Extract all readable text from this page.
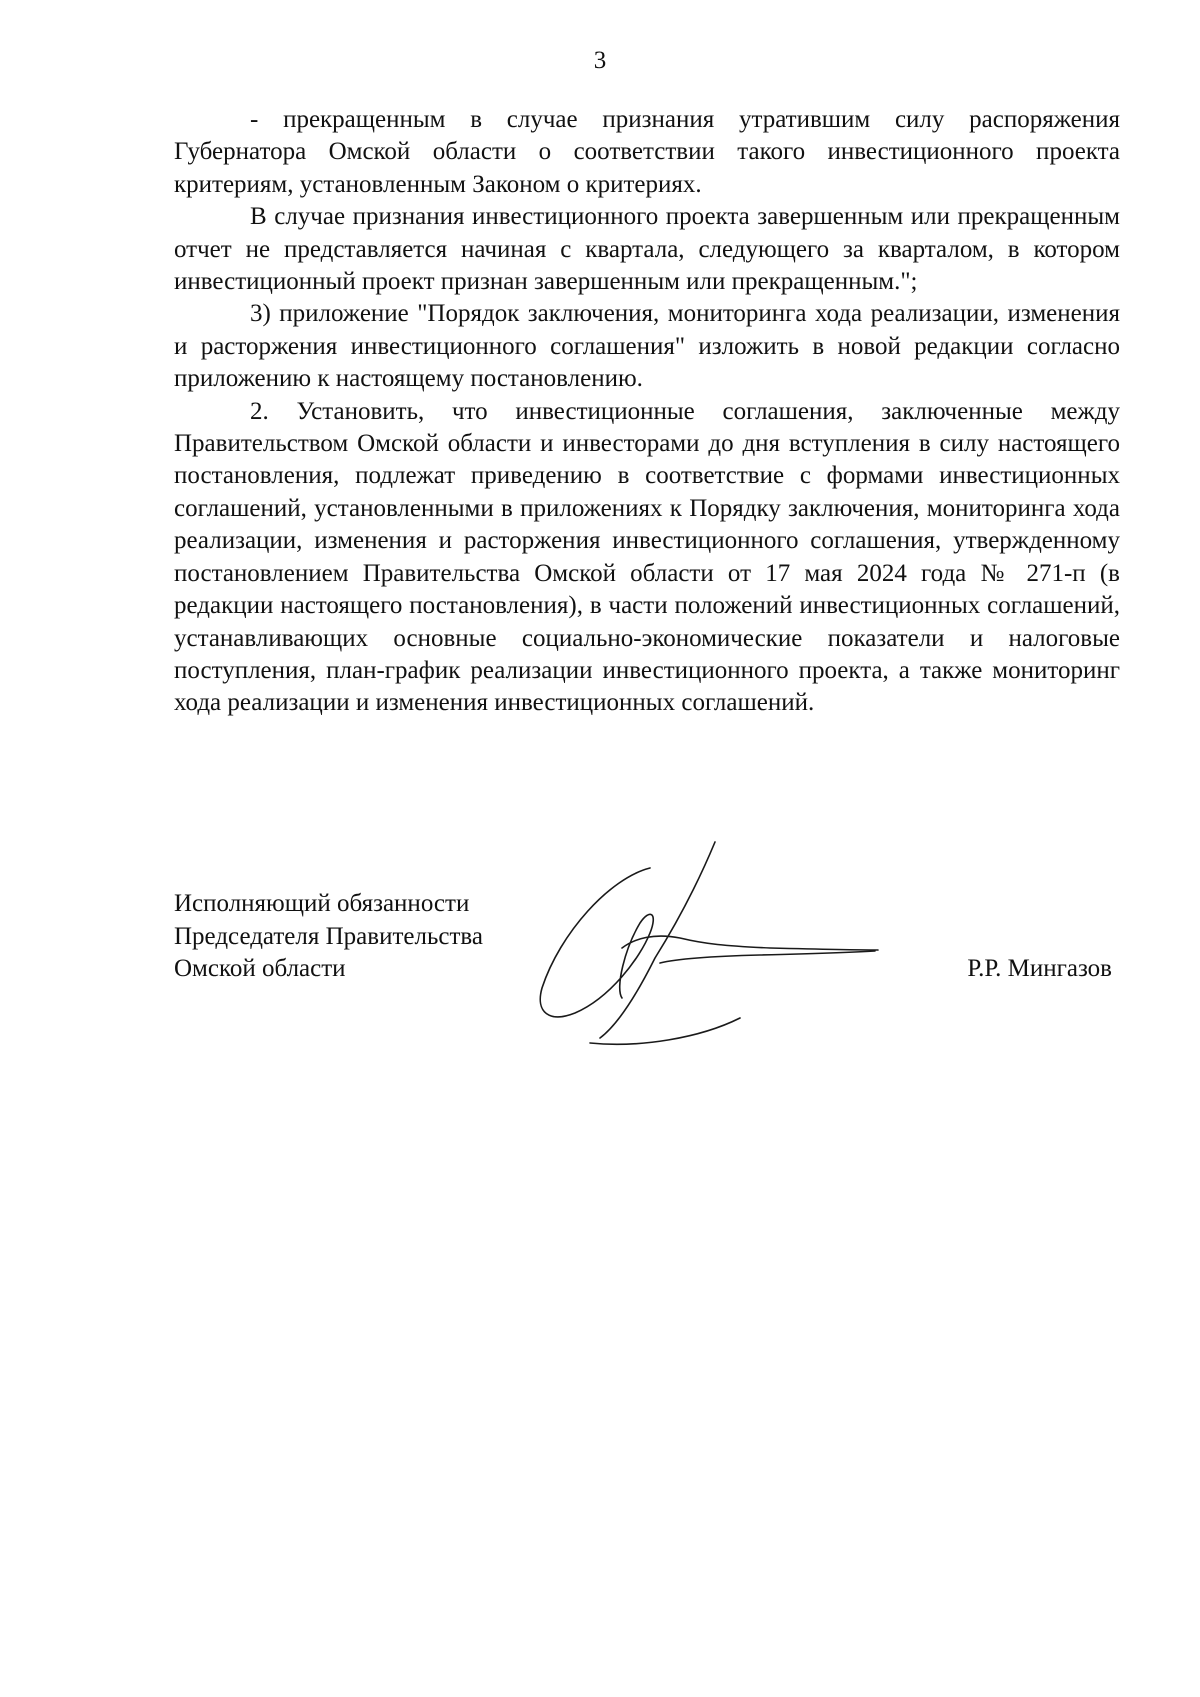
3

- прекращенным в случае признания утратившим силу распоряжения Губернатора Омской области о соответствии такого инвестиционного проекта критериям, установленным Законом о критериях.

В случае признания инвестиционного проекта завершенным или прекращенным отчет не представляется начиная с квартала, следующего за кварталом, в котором инвестиционный проект признан завершенным или прекращенным.";

3) приложение "Порядок заключения, мониторинга хода реализации, изменения и расторжения инвестиционного соглашения" изложить в новой редакции согласно приложению к настоящему постановлению.

2. Установить, что инвестиционные соглашения, заключенные между Правительством Омской области и инвесторами до дня вступления в силу настоящего постановления, подлежат приведению в соответствие с формами инвестиционных соглашений, установленными в приложениях к Порядку заключения, мониторинга хода реализации, изменения и расторжения инвестиционного соглашения, утвержденному постановлением Правительства Омской области от 17 мая 2024 года № 271-п (в редакции настоящего постановления), в части положений инвестиционных соглашений, устанавливающих основные социально-экономические показатели и налоговые поступления, план-график реализации инвестиционного проекта, а также мониторинг хода реализации и изменения инвестиционных соглашений.

Исполняющий обязанности
Председателя Правительства
Омской области	Р.Р. Мингазов
